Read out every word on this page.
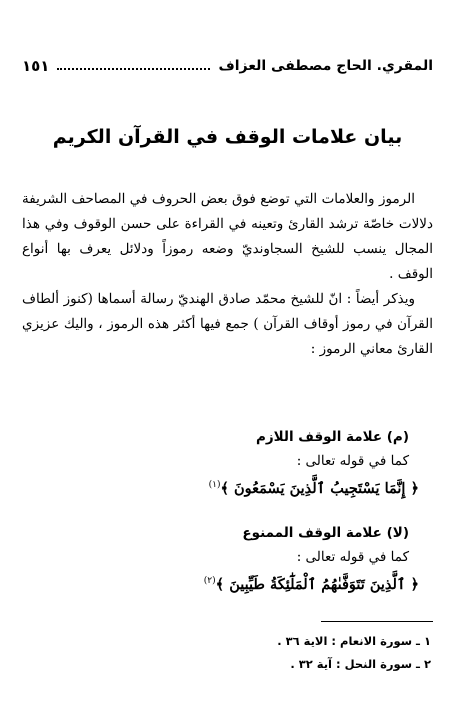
المقري. الحاج مصطفى العزاف
١٥١
بيان علامات الوقف في القرآن الكريم

الرموز والعلامات التي توضع فوق بعض الحروف في المصاحف الشريفة دلالات خاصّة ترشد القارئ وتعينه في القراءة على حسن الوقوف وفي هذا المجال ينسب للشيخ السجاونديّ وضعه رموزاً ودلائل يعرف بها أنواع الوقف .

ويذكر أيضاً : انّ للشيخ محمّد صادق الهنديّ رسالة أسماها (كنوز ألطاف القرآن في رموز أوقاف القرآن ) جمع فيها أكثر هذه الرموز ، واليك عزيزي القارئ معاني الرموز :

(م) علامة الوقف اللازم
كما في قوله تعالى :
﴿ إِنَّمَا يَسْتَجِيبُ ٱلَّذِينَ يَسْمَعُونَ ﴾$^{(١)}$
(لا) علامة الوقف الممنوع
كما في قوله تعالى :
﴿ ٱلَّذِينَ تَتَوَفَّىٰهُمُ ٱلْمَلَٰٓئِكَةُ طَيِّبِينَ ﴾$^{(٢)}$
١ ـ سورة الانعام : الاية ٣٦ .
٢ ـ سورة النحل : آية ٣٢ .
